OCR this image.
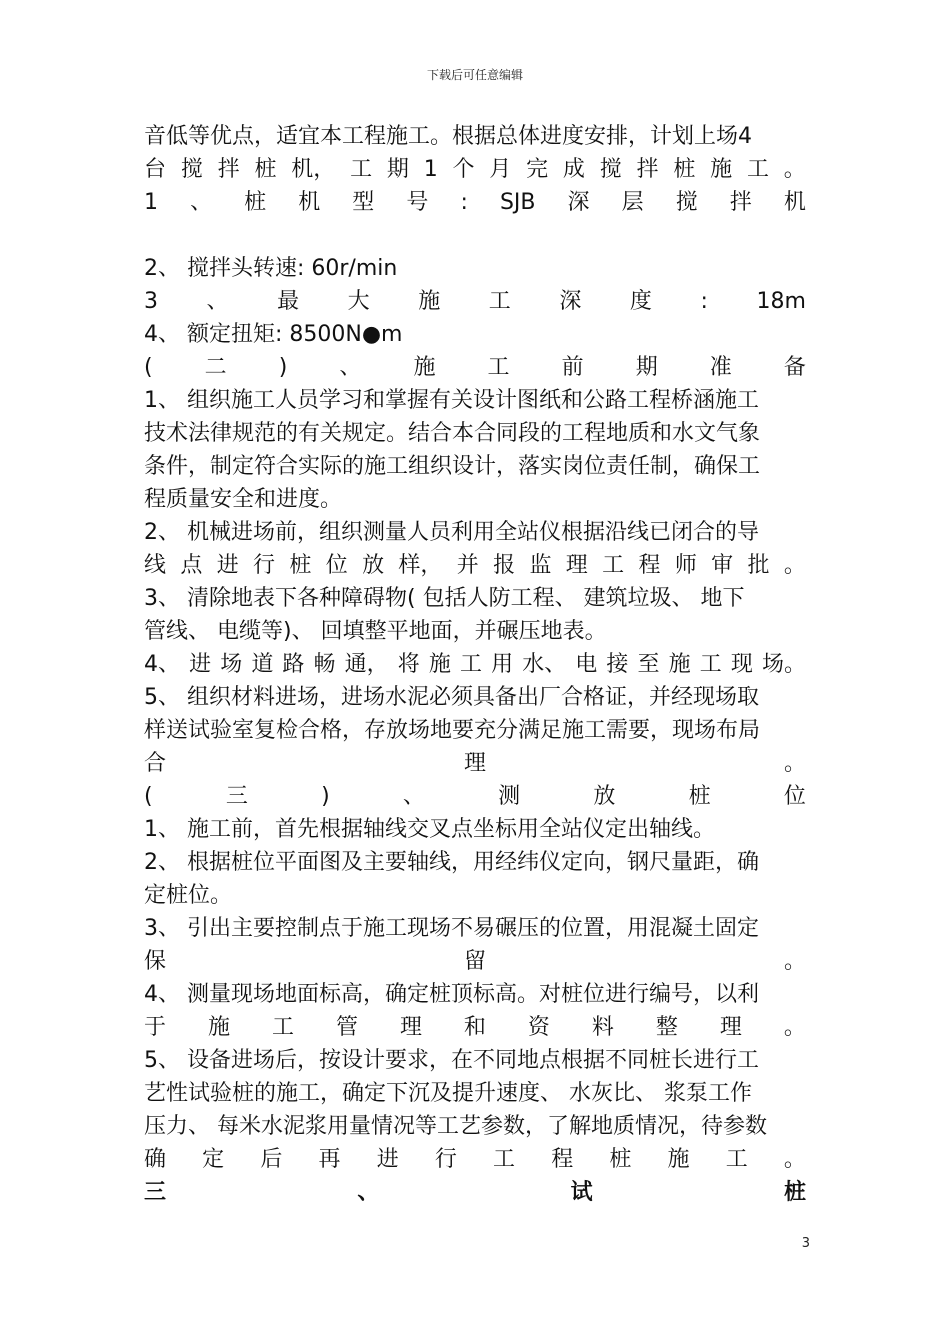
下载后可任意编辑
音低等优点，适宜本工程施工。根据总体进度安排，计划上场4
台 搅 拌 桩 机， 工 期 1 个 月 完 成 搅 拌 桩 施 工 。
1 、 桩 机 型 号 : SJB 深 层 搅 拌 机
2、 搅拌头转速: 60r/min
3 、 最 大 施 工 深 度 : 18m
4、 额定扭矩: 8500N●m
( 二 ) 、 施 工 前 期 准 备
1、 组织施工人员学习和掌握有关设计图纸和公路工程桥涵施工
技术法律规范的有关规定。结合本合同段的工程地质和水文气象
条件，制定符合实际的施工组织设计，落实岗位责任制，确保工
程质量安全和进度。
2、 机械进场前，组织测量人员利用全站仪根据沿线已闭合的导
线 点 进 行 桩 位 放 样， 并 报 监 理 工 程 师 审 批 。
3、 清除地表下各种障碍物( 包括人防工程、 建筑垃圾、 地下
管线、 电缆等)、 回填整平地面，并碾压地表。
4、 进 场 道 路 畅 通， 将 施 工 用 水、 电 接 至 施 工 现 场。
5、 组织材料进场，进场水泥必须具备出厂合格证，并经现场取
样送试验室复检合格，存放场地要充分满足施工需要，现场布局
合	理	。
(	三	)	、	测	放	桩	位
1、 施工前，首先根据轴线交叉点坐标用全站仪定出轴线。
2、 根据桩位平面图及主要轴线，用经纬仪定向，钢尺量距，确
定桩位。
3、 引出主要控制点于施工现场不易碾压的位置，用混凝土固定
保	留	。
4、 测量现场地面标高，确定桩顶标高。对桩位进行编号，以利
于 施 工 管 理 和 资 料 整 理 。
5、 设备进场后，按设计要求，在不同地点根据不同桩长进行工
艺性试验桩的施工，确定下沉及提升速度、 水灰比、 浆泵工作
压力、 每米水泥浆用量情况等工艺参数，了解地质情况，待参数
确 定 后 再 进 行 工 程 桩 施 工 。
三	、	试	桩
3
